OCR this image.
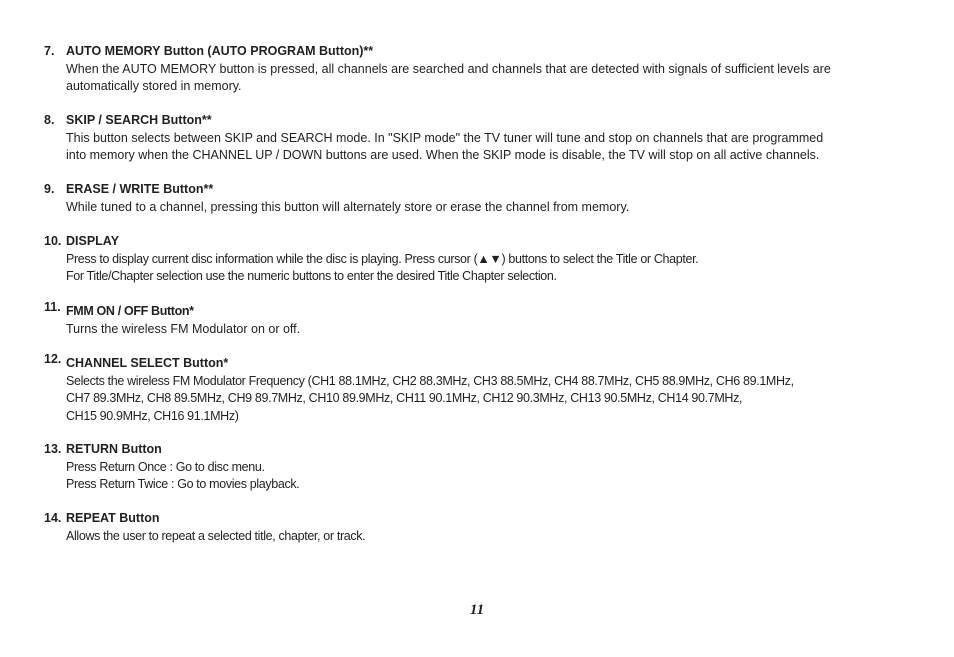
7. AUTO MEMORY Button (AUTO PROGRAM Button)**
When the AUTO MEMORY button is pressed, all channels are searched and channels that are detected with signals of sufficient levels are
automatically stored in memory.
8. SKIP / SEARCH Button**
This button selects between SKIP and SEARCH mode. In "SKIP mode" the TV tuner will tune and stop on channels that are programmed
into memory when the CHANNEL UP / DOWN buttons are used. When the SKIP mode is disable, the TV will stop on all active channels.
9. ERASE / WRITE Button**
While tuned to a channel, pressing this button will alternately store or erase the channel from memory.
10. DISPLAY
Press to display current disc information while the disc is playing. Press cursor (▲▼) buttons to select the Title or Chapter.
For Title/Chapter selection use the numeric buttons to enter the desired Title Chapter selection.
11. FMM ON / OFF Button*
Turns the wireless FM Modulator on or off.
12. CHANNEL SELECT Button*
Selects the wireless FM Modulator Frequency (CH1 88.1MHz, CH2 88.3MHz, CH3 88.5MHz, CH4 88.7MHz, CH5 88.9MHz, CH6 89.1MHz,
CH7 89.3MHz, CH8 89.5MHz, CH9 89.7MHz, CH10 89.9MHz, CH11 90.1MHz, CH12 90.3MHz, CH13 90.5MHz, CH14 90.7MHz,
CH15 90.9MHz, CH16 91.1MHz)
13. RETURN Button
Press Return Once : Go to disc menu.
Press Return Twice : Go to movies playback.
14. REPEAT Button
Allows the user to repeat a selected title, chapter, or track.
11
